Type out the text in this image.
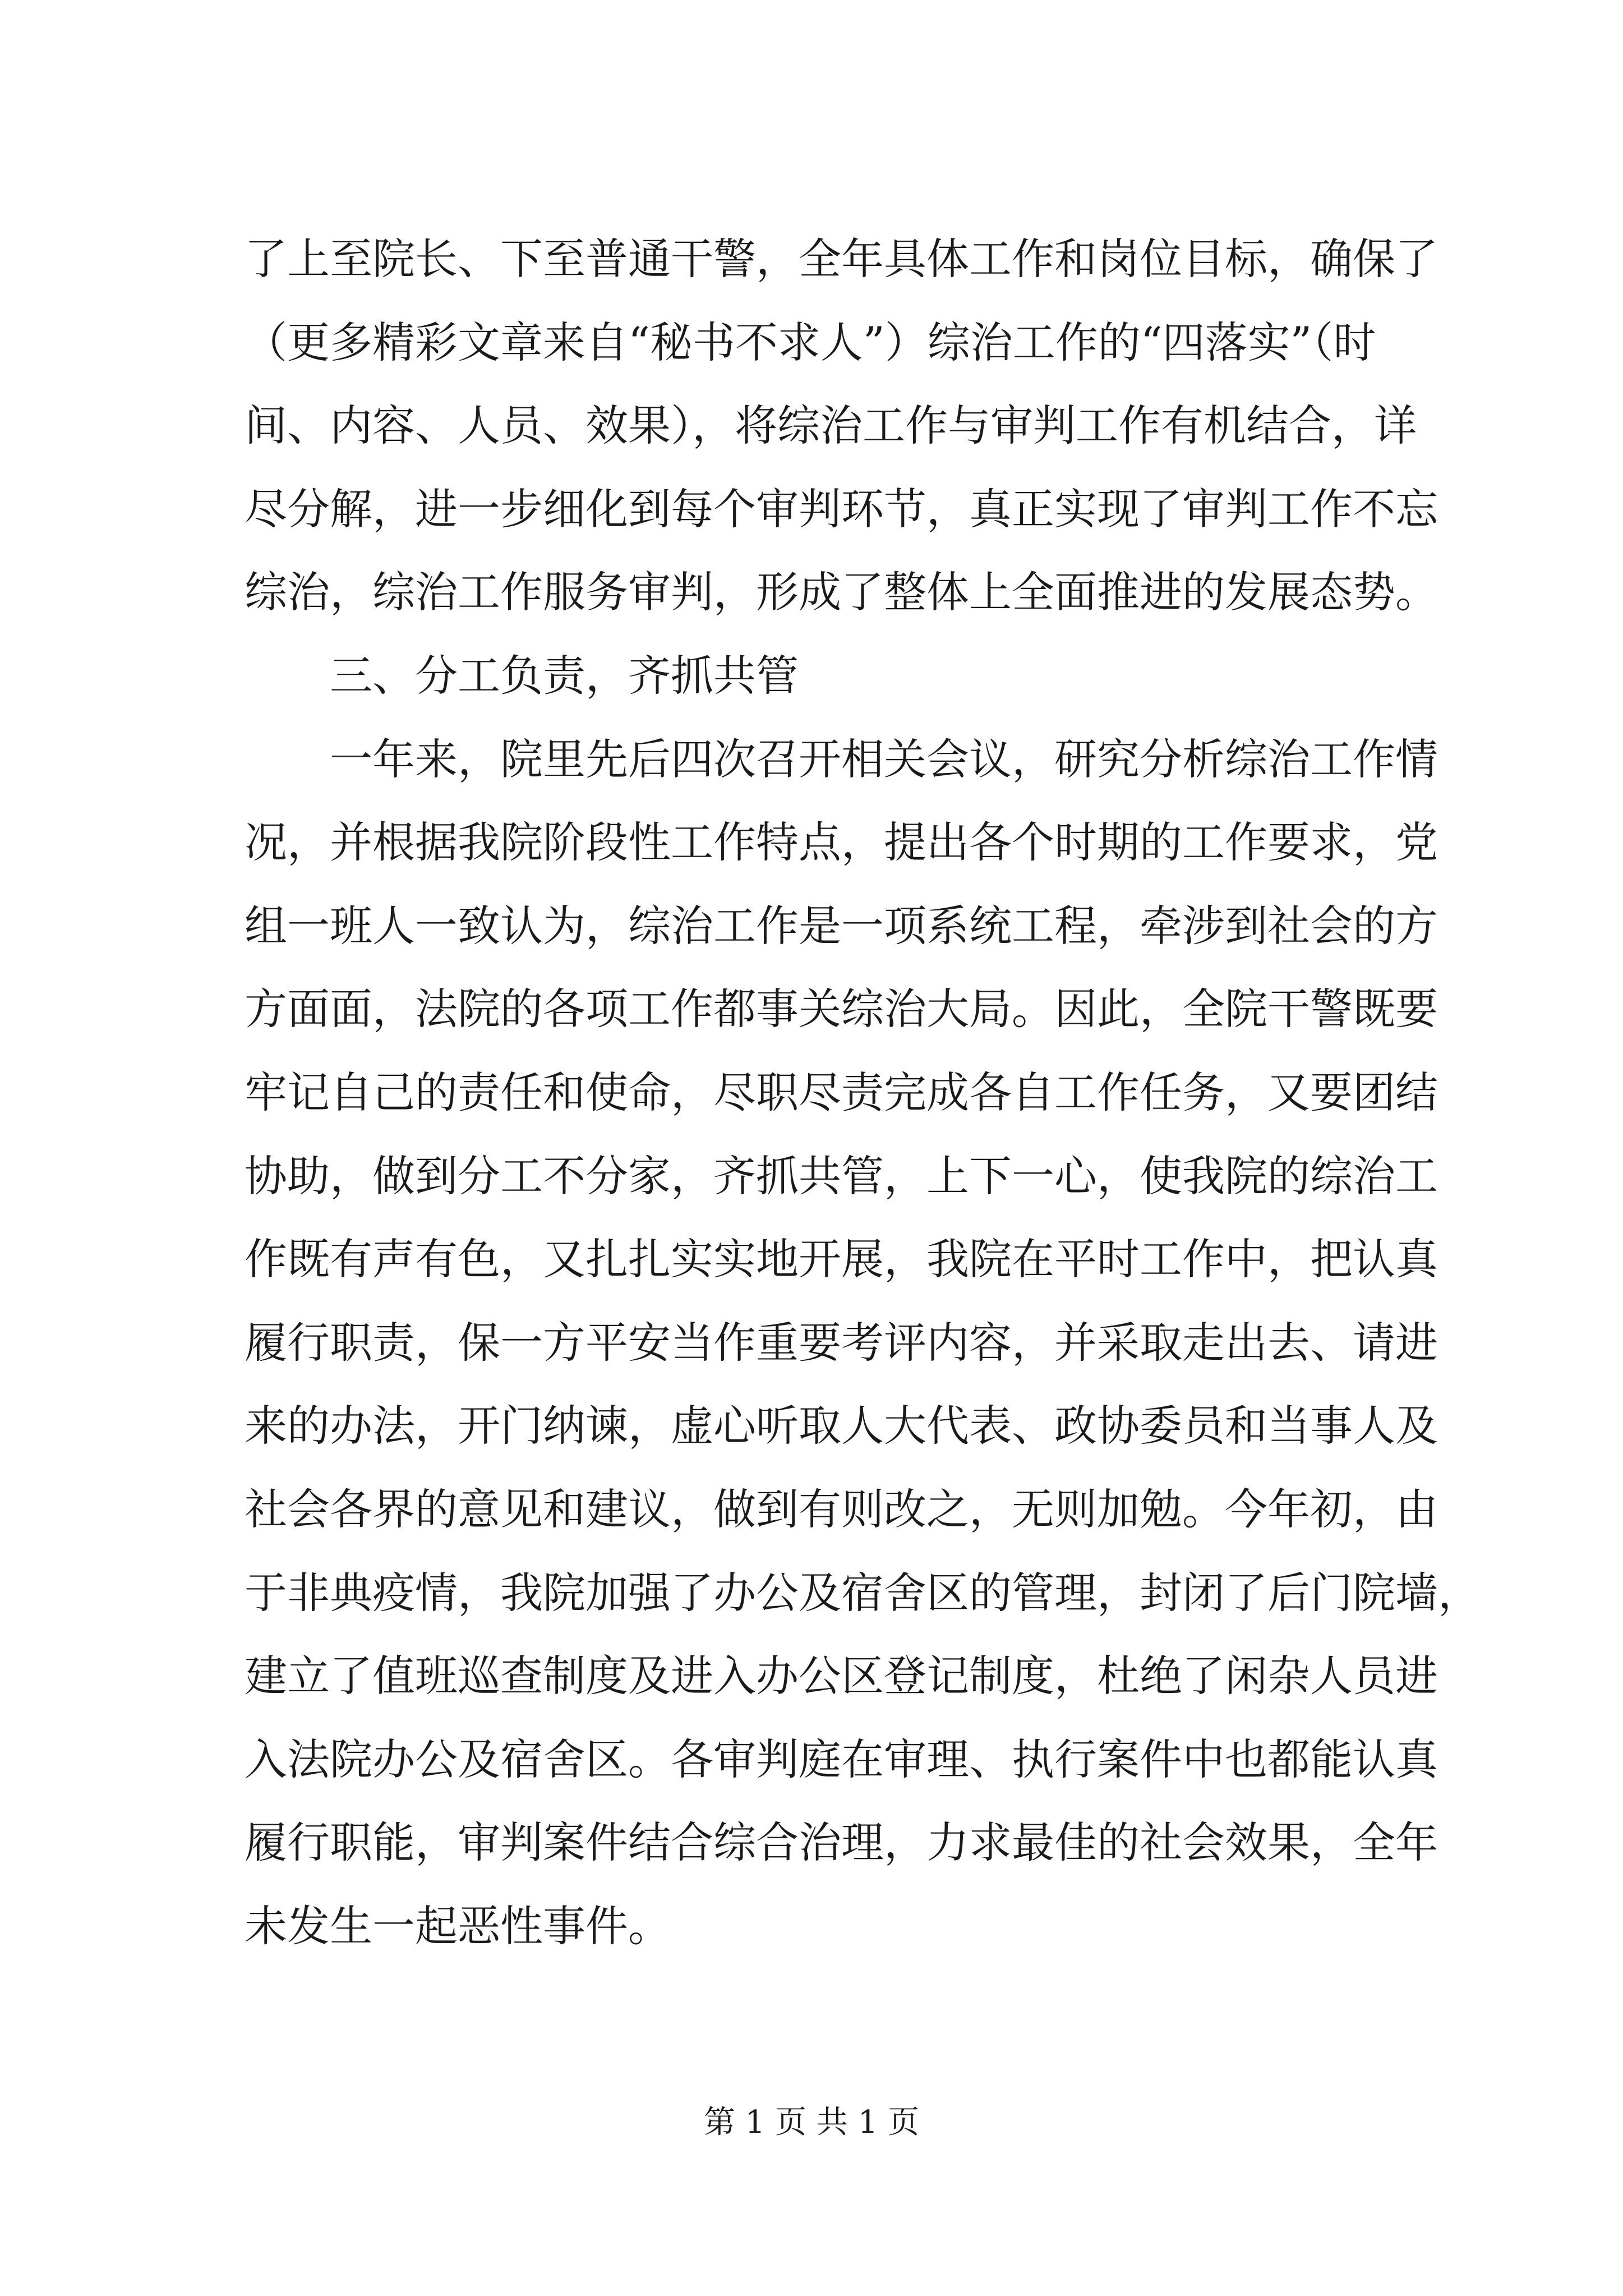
了上至院长、下至普通干警，全年具体工作和岗位目标，确保了
（更多精彩文章来自“秘书不求人”）综治工作的“四落实”（时
间、内容、人员、效果），将综治工作与审判工作有机结合，详
尽分解，进一步细化到每个审判环节，真正实现了审判工作不忘
综治，综治工作服务审判，形成了整体上全面推进的发展态势。
　　三、分工负责，齐抓共管
　　一年来，院里先后四次召开相关会议，研究分析综治工作情
况，并根据我院阶段性工作特点，提出各个时期的工作要求，党
组一班人一致认为，综治工作是一项系统工程，牵涉到社会的方
方面面，法院的各项工作都事关综治大局。因此，全院干警既要
牢记自己的责任和使命，尽职尽责完成各自工作任务，又要团结
协助，做到分工不分家，齐抓共管，上下一心，使我院的综治工
作既有声有色，又扎扎实实地开展，我院在平时工作中，把认真
履行职责，保一方平安当作重要考评内容，并采取走出去、请进
来的办法，开门纳谏，虚心听取人大代表、政协委员和当事人及
社会各界的意见和建议，做到有则改之，无则加勉。今年初，由
于非典疫情，我院加强了办公及宿舍区的管理，封闭了后门院墙，
建立了值班巡查制度及进入办公区登记制度，杜绝了闲杂人员进
入法院办公及宿舍区。各审判庭在审理、执行案件中也都能认真
履行职能，审判案件结合综合治理，力求最佳的社会效果，全年
未发生一起恶性事件。
第 1 页 共 1 页
